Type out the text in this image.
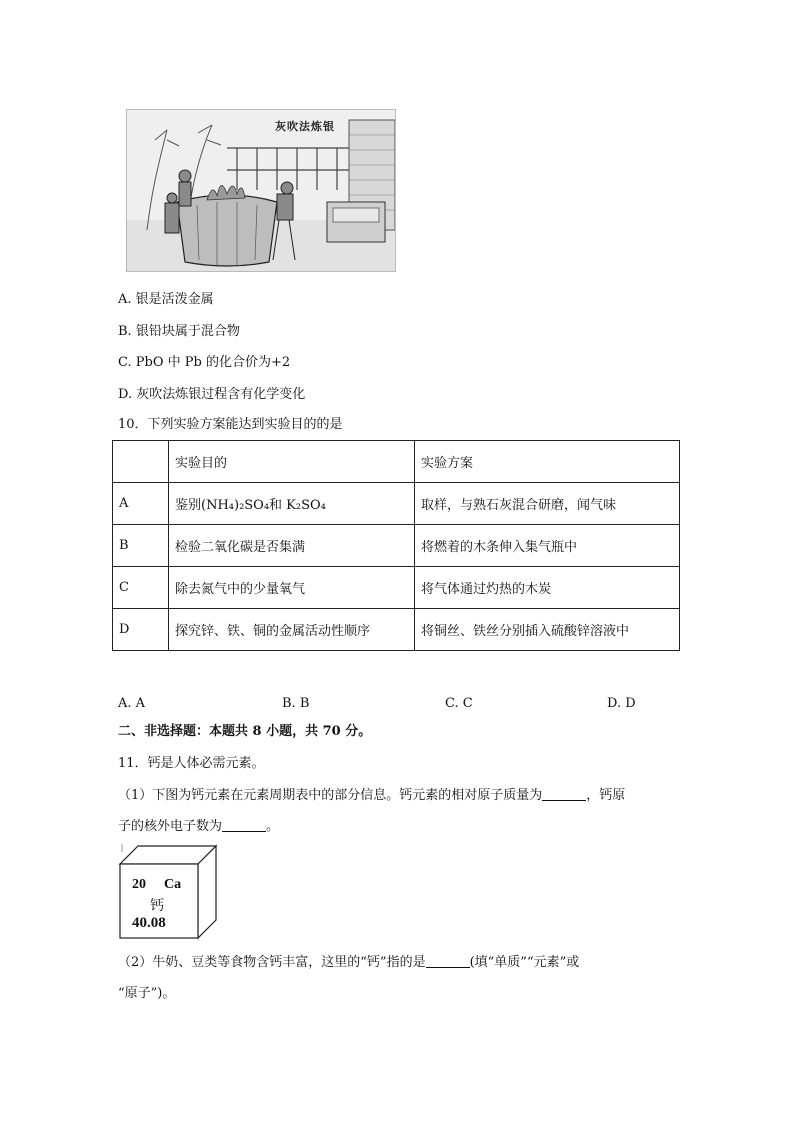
灰吹法炼银
A. 银是活泼金属
B. 银铅块属于混合物
C. PbO 中 Pb 的化合价为+2
D. 灰吹法炼银过程含有化学变化
10．下列实验方案能达到实验目的的是
	实验目的	实验方案
A	鉴别(NH₄)₂SO₄和 K₂SO₄	取样，与熟石灰混合研磨，闻气味
B	检验二氧化碳是否集满	将燃着的木条伸入集气瓶中
C	除去氮气中的少量氧气	将气体通过灼热的木炭
D	探究锌、铁、铜的金属活动性顺序	将铜丝、铁丝分别插入硫酸锌溶液中
A. A	B. B	C. C	D. D
二、非选择题：本题共 8 小题，共 70 分。
11．钙是人体必需元素。
（1）下图为钙元素在元素周期表中的部分信息。钙元素的相对原子质量为	，钙原
子的核外电子数为	。
20 Ca
钙
40.08
（2）牛奶、豆类等食物含钙丰富，这里的“钙”指的是	(填“单质”“元素”或
“原子”)。
